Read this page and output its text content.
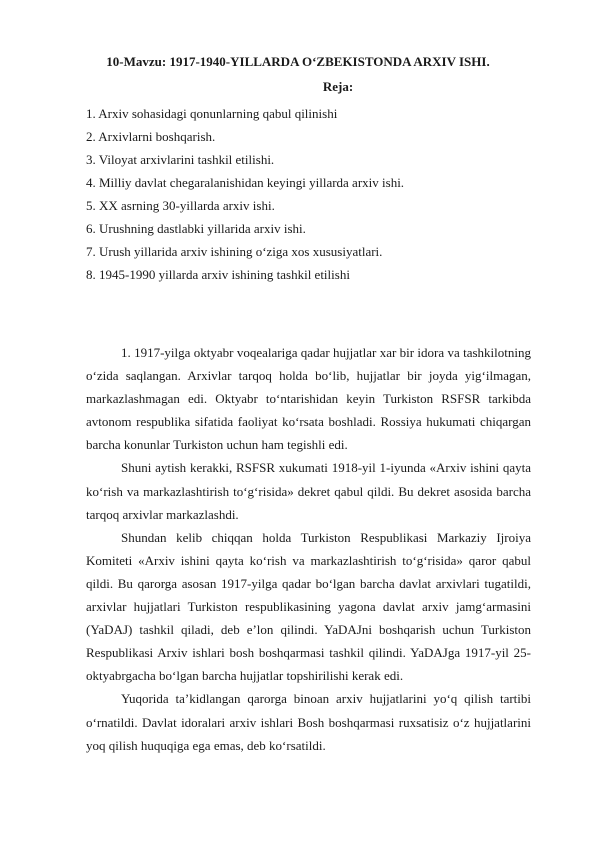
10-Mavzu: 1917-1940-YILLARDA O‘ZBEKISTONDA ARXIV ISHI.
Reja:
1. Arxiv sohasidagi qonunlarning qabul qilinishi
2. Arxivlarni boshqarish.
3. Viloyat arxivlarini tashkil etilishi.
4. Milliy davlat chegaralanishidan keyingi yillarda arxiv ishi.
5. XX asrning 30-yillarda arxiv ishi.
6. Urushning dastlabki yillarida arxiv ishi.
7. Urush yillarida arxiv ishining o‘ziga xos xususiyatlari.
8. 1945-1990 yillarda arxiv ishining tashkil etilishi

1. 1917-yilga oktyabr voqealariga qadar hujjatlar xar bir idora va tashkilotning o‘zida saqlangan. Arxivlar tarqoq holda bo‘lib, hujjatlar bir joyda yig‘ilmagan, markazlashmagan edi. Oktyabr to‘ntarishidan keyin Turkiston RSFSR tarkibda avtonom respublika sifatida faoliyat ko‘rsata boshladi. Rossiya hukumati chiqargan barcha konunlar Turkiston uchun ham tegishli edi.

Shuni aytish kerakki, RSFSR xukumati 1918-yil 1-iyunda «Arxiv ishini qayta ko‘rish va markazlashtirish to‘g‘risida» dekret qabul qildi. Bu dekret asosida barcha tarqoq arxivlar markazlashdi.

Shundan kelib chiqqan holda Turkiston Respublikasi Markaziy Ijroiya Komiteti «Arxiv ishini qayta ko‘rish va markazlashtirish to‘g‘risida» qaror qabul qildi. Bu qarorga asosan 1917-yilga qadar bo‘lgan barcha davlat arxivlari tugatildi, arxivlar hujjatlari Turkiston respublikasining yagona davlat arxiv jamg‘armasini (YaDAJ) tashkil qiladi, deb e’lon qilindi. YaDAJni boshqarish uchun Turkiston Respublikasi Arxiv ishlari bosh boshqarmasi tashkil qilindi. YaDAJga 1917-yil 25-oktyabrgacha bo‘lgan barcha hujjatlar topshirilishi kerak edi.

Yuqorida ta’kidlangan qarorga binoan arxiv hujjatlarini yo‘q qilish tartibi o‘rnatildi. Davlat idoralari arxiv ishlari Bosh boshqarmasi ruxsatisiz o‘z hujjatlarini yoq qilish huquqiga ega emas, deb ko‘rsatildi.
